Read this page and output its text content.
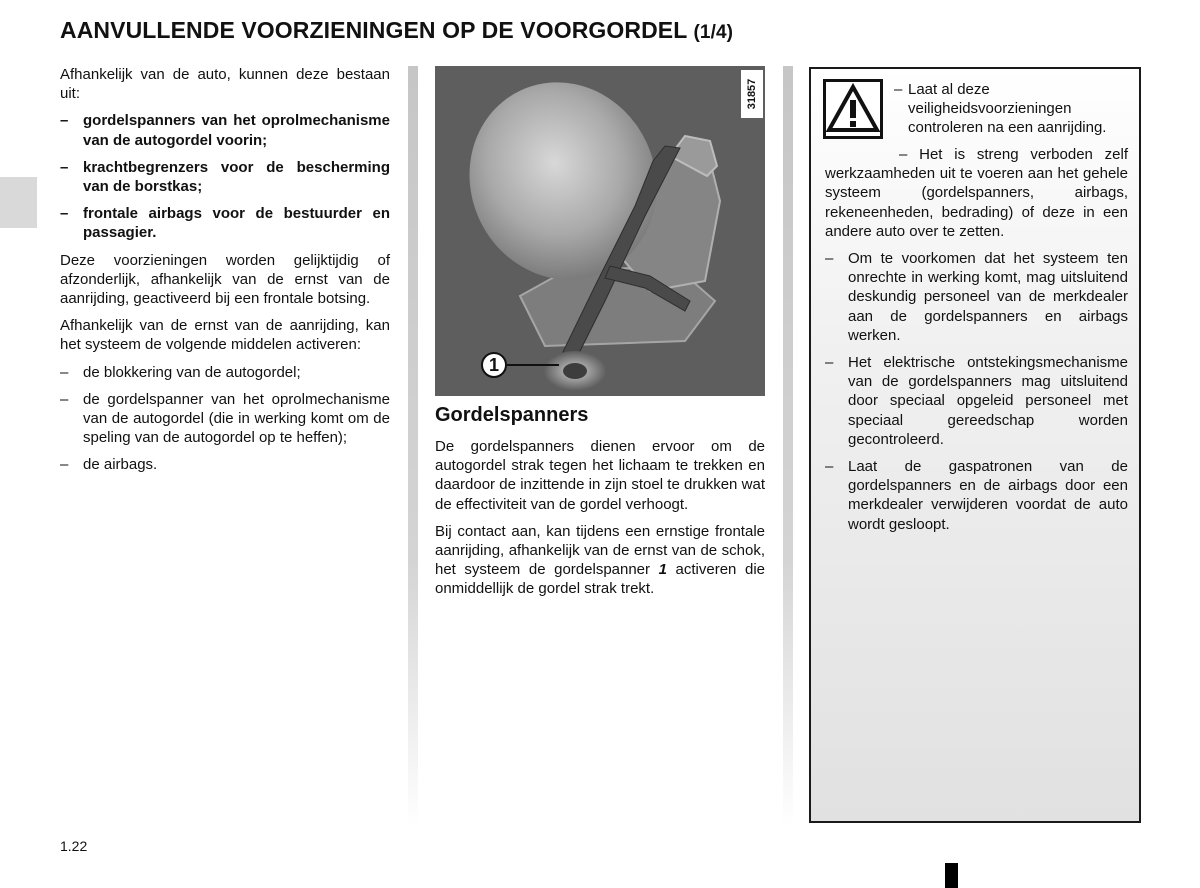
AANVULLENDE VOORZIENINGEN OP DE VOORGORDEL (1/4)

Afhankelijk van de auto, kunnen deze bestaan uit:

– gordelspanners van het oprolmechanisme van de autogordel voorin;
– krachtbegrenzers voor de bescherming van de borstkas;
– frontale airbags voor de bestuurder en passagier.

Deze voorzieningen worden gelijktijdig of afzonderlijk, afhankelijk van de ernst van de aanrijding, geactiveerd bij een frontale botsing.

Afhankelijk van de ernst van de aanrijding, kan het systeem de volgende middelen activeren:

– de blokkering van de autogordel;
– de gordelspanner van het oprolmechanisme van de autogordel (die in werking komt om de speling van de autogordel op te heffen);
– de airbags.
31857
1
Gordelspanners

De gordelspanners dienen ervoor om de autogordel strak tegen het lichaam te trekken en daardoor de inzittende in zijn stoel te drukken wat de effectiviteit van de gordel verhoogt.

Bij contact aan, kan tijdens een ernstige frontale aanrijding, afhankelijk van de ernst van de schok, het systeem de gordelspanner 1 activeren die onmiddellijk de gordel strak trekt.

– Laat al deze veiligheidsvoorzieningen controleren na een aanrijding.

– Het is streng verboden zelf werkzaamheden uit te voeren aan het gehele systeem (gordelspanners, airbags, rekeneenheden, bedrading) of deze in een andere auto over te zetten.

– Om te voorkomen dat het systeem ten onrechte in werking komt, mag uitsluitend deskundig personeel van de merkdealer aan de gordelspanners en airbags werken.
– Het elektrische ontstekingsmechanisme van de gordelspanners mag uitsluitend door speciaal opgeleid personeel met speciaal gereedschap worden gecontroleerd.
– Laat de gaspatronen van de gordelspanners en de airbags door een merkdealer verwijderen voordat de auto wordt gesloopt.
1.22
